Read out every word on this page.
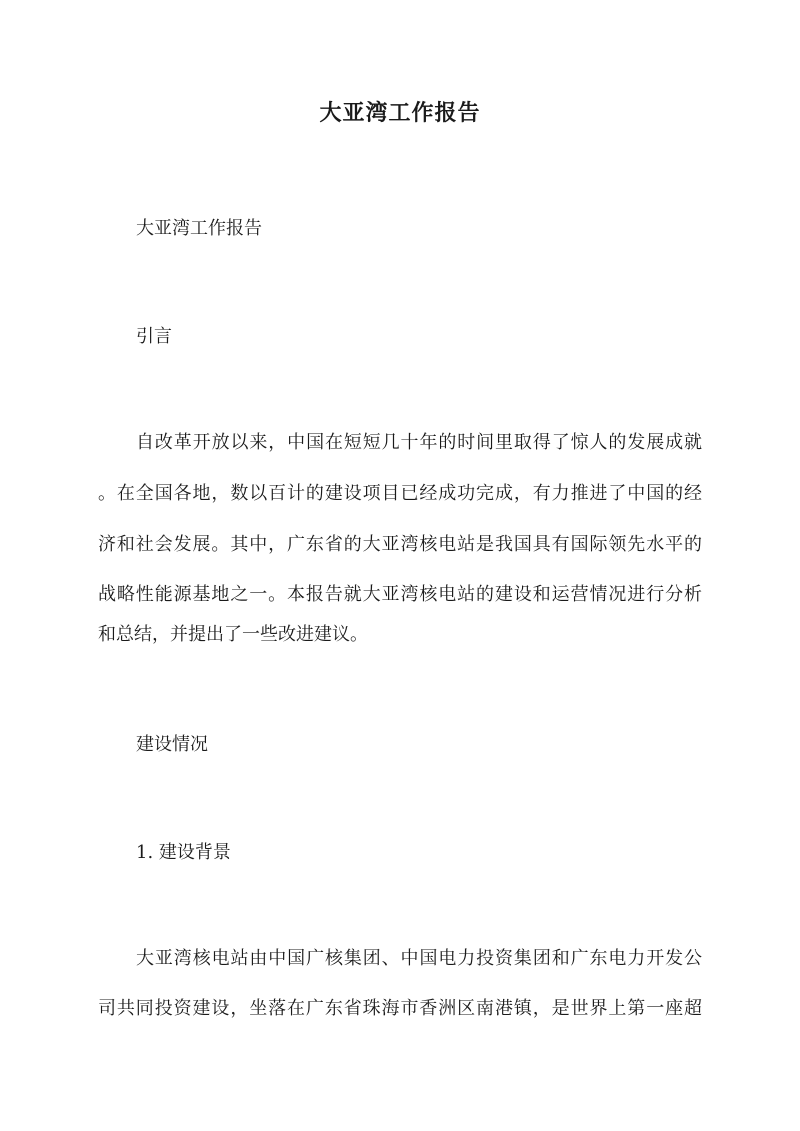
大亚湾工作报告

大亚湾工作报告

引言

自改革开放以来，中国在短短几十年的时间里取得了惊人的发展成就

。在全国各地，数以百计的建设项目已经成功完成，有力推进了中国的经

济和社会发展。其中，广东省的大亚湾核电站是我国具有国际领先水平的

战略性能源基地之一。本报告就大亚湾核电站的建设和运营情况进行分析

和总结，并提出了一些改进建议。

建设情况

1. 建设背景

大亚湾核电站由中国广核集团、中国电力投资集团和广东电力开发公

司共同投资建设，坐落在广东省珠海市香洲区南港镇，是世界上第一座超
